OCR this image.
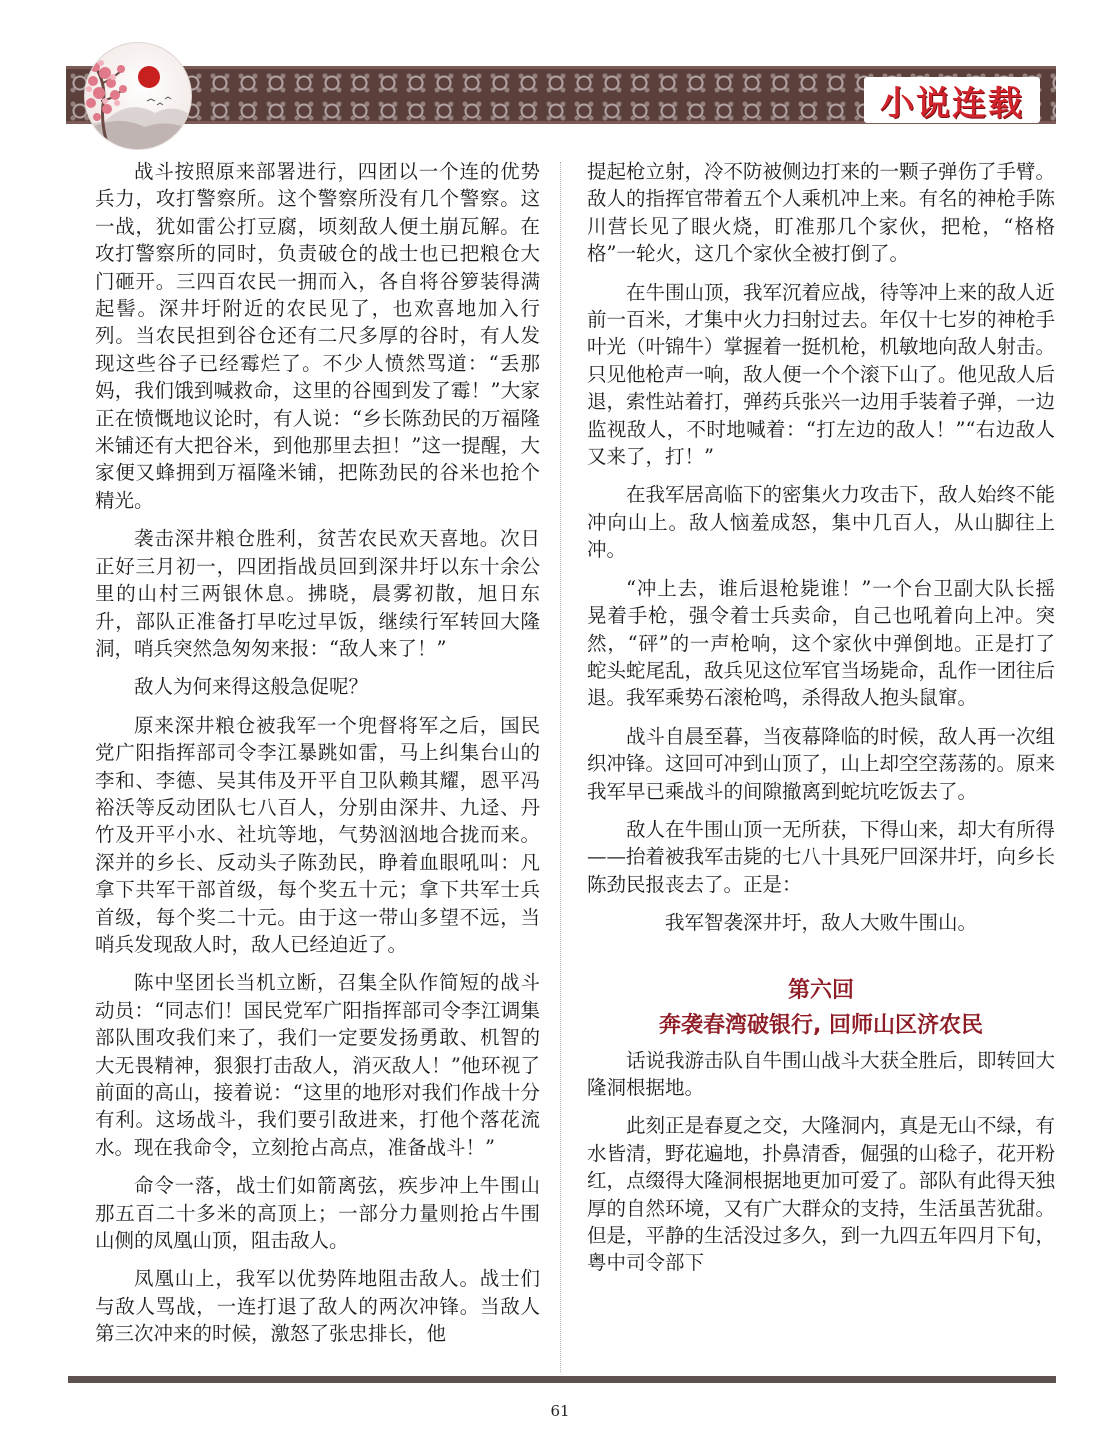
小说连载

战斗按照原来部署进行，四团以一个连的优势兵力，攻打警察所。这个警察所没有几个警察。这一战，犹如雷公打豆腐，顷刻敌人便土崩瓦解。在攻打警察所的同时，负责破仓的战士也已把粮仓大门砸开。三四百农民一拥而入，各自将谷箩装得满起髻。深井圩附近的农民见了，也欢喜地加入行列。当农民担到谷仓还有二尺多厚的谷时，有人发现这些谷子已经霉烂了。不少人愤然骂道：“丢那妈，我们饿到喊救命，这里的谷囤到发了霉！”大家正在愤慨地议论时，有人说：“乡长陈劲民的万福隆米铺还有大把谷米，到他那里去担！”这一提醒，大家便又蜂拥到万福隆米铺，把陈劲民的谷米也抢个精光。

袭击深井粮仓胜利，贫苦农民欢天喜地。次日正好三月初一，四团指战员回到深井圩以东十余公里的山村三两银休息。拂晓，晨雾初散，旭日东升，部队正准备打早吃过早饭，继续行军转回大隆洞，哨兵突然急匆匆来报：“敌人来了！”

敌人为何来得这般急促呢？

原来深井粮仓被我军一个兜督将军之后，国民党广阳指挥部司令李江暴跳如雷，马上纠集台山的李和、李德、吴其伟及开平自卫队赖其耀，恩平冯裕沃等反动团队七八百人，分别由深井、九迳、丹竹及开平小水、社坑等地，气势汹汹地合拢而来。深并的乡长、反动头子陈劲民，睁着血眼吼叫：凡拿下共军干部首级，每个奖五十元；拿下共军士兵首级，每个奖二十元。由于这一带山多望不远，当哨兵发现敌人时，敌人已经迫近了。

陈中坚团长当机立断，召集全队作简短的战斗动员：“同志们！国民党军广阳指挥部司令李江调集部队围攻我们来了，我们一定要发扬勇敢、机智的大无畏精神，狠狠打击敌人，消灭敌人！”他环视了前面的高山，接着说：“这里的地形对我们作战十分有利。这场战斗，我们要引敌进来，打他个落花流水。现在我命令，立刻抢占高点，准备战斗！”

命令一落，战士们如箭离弦，疾步冲上牛围山那五百二十多米的高顶上；一部分力量则抢占牛围山侧的凤凰山顶，阻击敌人。

凤凰山上，我军以优势阵地阻击敌人。战士们与敌人骂战，一连打退了敌人的两次冲锋。当敌人第三次冲来的时候，激怒了张忠排长，他

提起枪立射，冷不防被侧边打来的一颗子弹伤了手臂。敌人的指挥官带着五个人乘机冲上来。有名的神枪手陈川营长见了眼火烧，盯准那几个家伙，把枪，“格格格”一轮火，这几个家伙全被打倒了。

在牛围山顶，我军沉着应战，待等冲上来的敌人近前一百米，才集中火力扫射过去。年仅十七岁的神枪手叶光（叶锦牛）掌握着一挺机枪，机敏地向敌人射击。只见他枪声一响，敌人便一个个滚下山了。他见敌人后退，索性站着打，弹药兵张兴一边用手装着子弹，一边监视敌人，不时地喊着：“打左边的敌人！”“右边敌人又来了，打！”

在我军居高临下的密集火力攻击下，敌人始终不能冲向山上。敌人恼羞成怒，集中几百人，从山脚往上冲。

“冲上去，谁后退枪毙谁！”一个台卫副大队长摇晃着手枪，强令着士兵卖命，自己也吼着向上冲。突然，“砰”的一声枪响，这个家伙中弹倒地。正是打了蛇头蛇尾乱，敌兵见这位军官当场毙命，乱作一团往后退。我军乘势石滚枪鸣，杀得敌人抱头鼠窜。

战斗自晨至暮，当夜幕降临的时候，敌人再一次组织冲锋。这回可冲到山顶了，山上却空空荡荡的。原来我军早已乘战斗的间隙撤离到蛇坑吃饭去了。

敌人在牛围山顶一无所获，下得山来，却大有所得——抬着被我军击毙的七八十具死尸回深井圩，向乡长陈劲民报丧去了。正是：

我军智袭深井圩，敌人大败牛围山。

第六回
奔袭春湾破银行, 回师山区济农民

话说我游击队自牛围山战斗大获全胜后，即转回大隆洞根据地。

此刻正是春夏之交，大隆洞内，真是无山不绿，有水皆清，野花遍地，扑鼻清香，倔强的山稔子，花开粉红，点缀得大隆洞根据地更加可爱了。部队有此得天独厚的自然环境，又有广大群众的支持，生活虽苦犹甜。但是，平静的生活没过多久，到一九四五年四月下旬，粤中司令部下

61
